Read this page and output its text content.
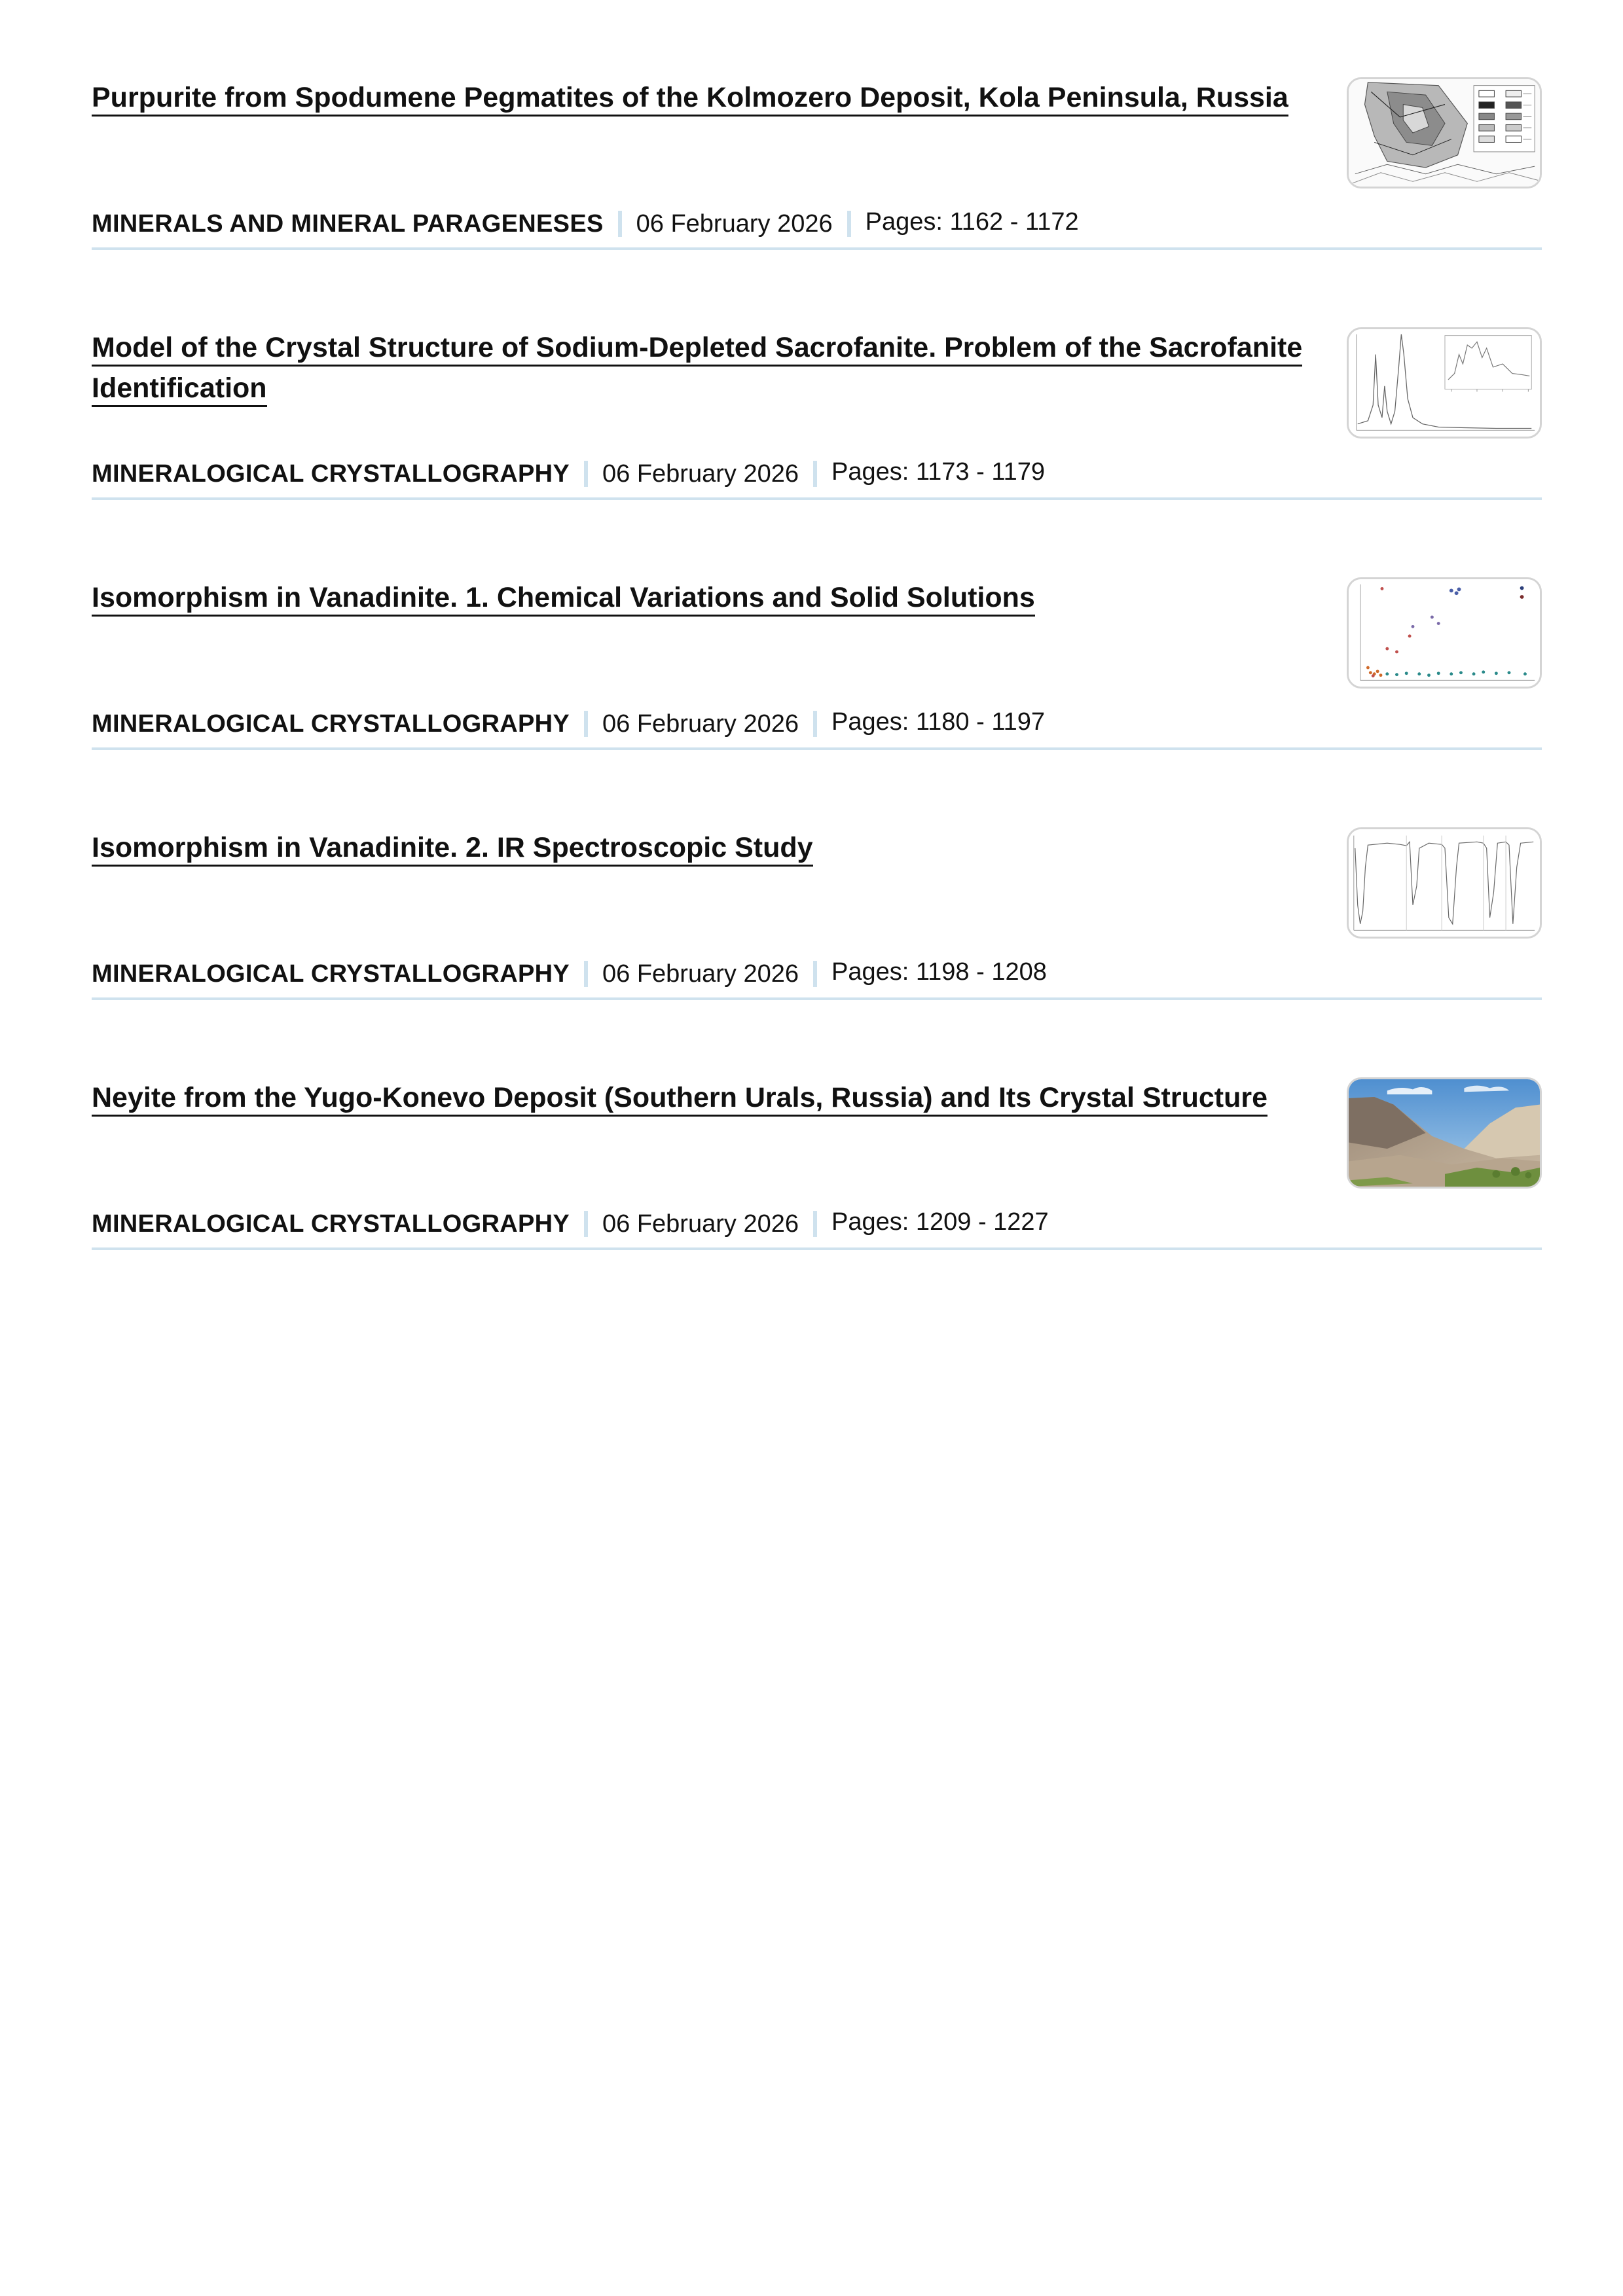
Purpurite from Spodumene Pegmatites of the Kolmozero Deposit, Kola Peninsula, Russia
MINERALS AND MINERAL PARAGENESES 06 February 2026 Pages: 1162 - 1172
Model of the Crystal Structure of Sodium-Depleted Sacrofanite. Problem of the Sacrofanite Identification
MINERALOGICAL CRYSTALLOGRAPHY 06 February 2026 Pages: 1173 - 1179
Isomorphism in Vanadinite. 1. Chemical Variations and Solid Solutions
MINERALOGICAL CRYSTALLOGRAPHY 06 February 2026 Pages: 1180 - 1197
Isomorphism in Vanadinite. 2. IR Spectroscopic Study
MINERALOGICAL CRYSTALLOGRAPHY 06 February 2026 Pages: 1198 - 1208
Neyite from the Yugo-Konevo Deposit (Southern Urals, Russia) and Its Crystal Structure
MINERALOGICAL CRYSTALLOGRAPHY 06 February 2026 Pages: 1209 - 1227
